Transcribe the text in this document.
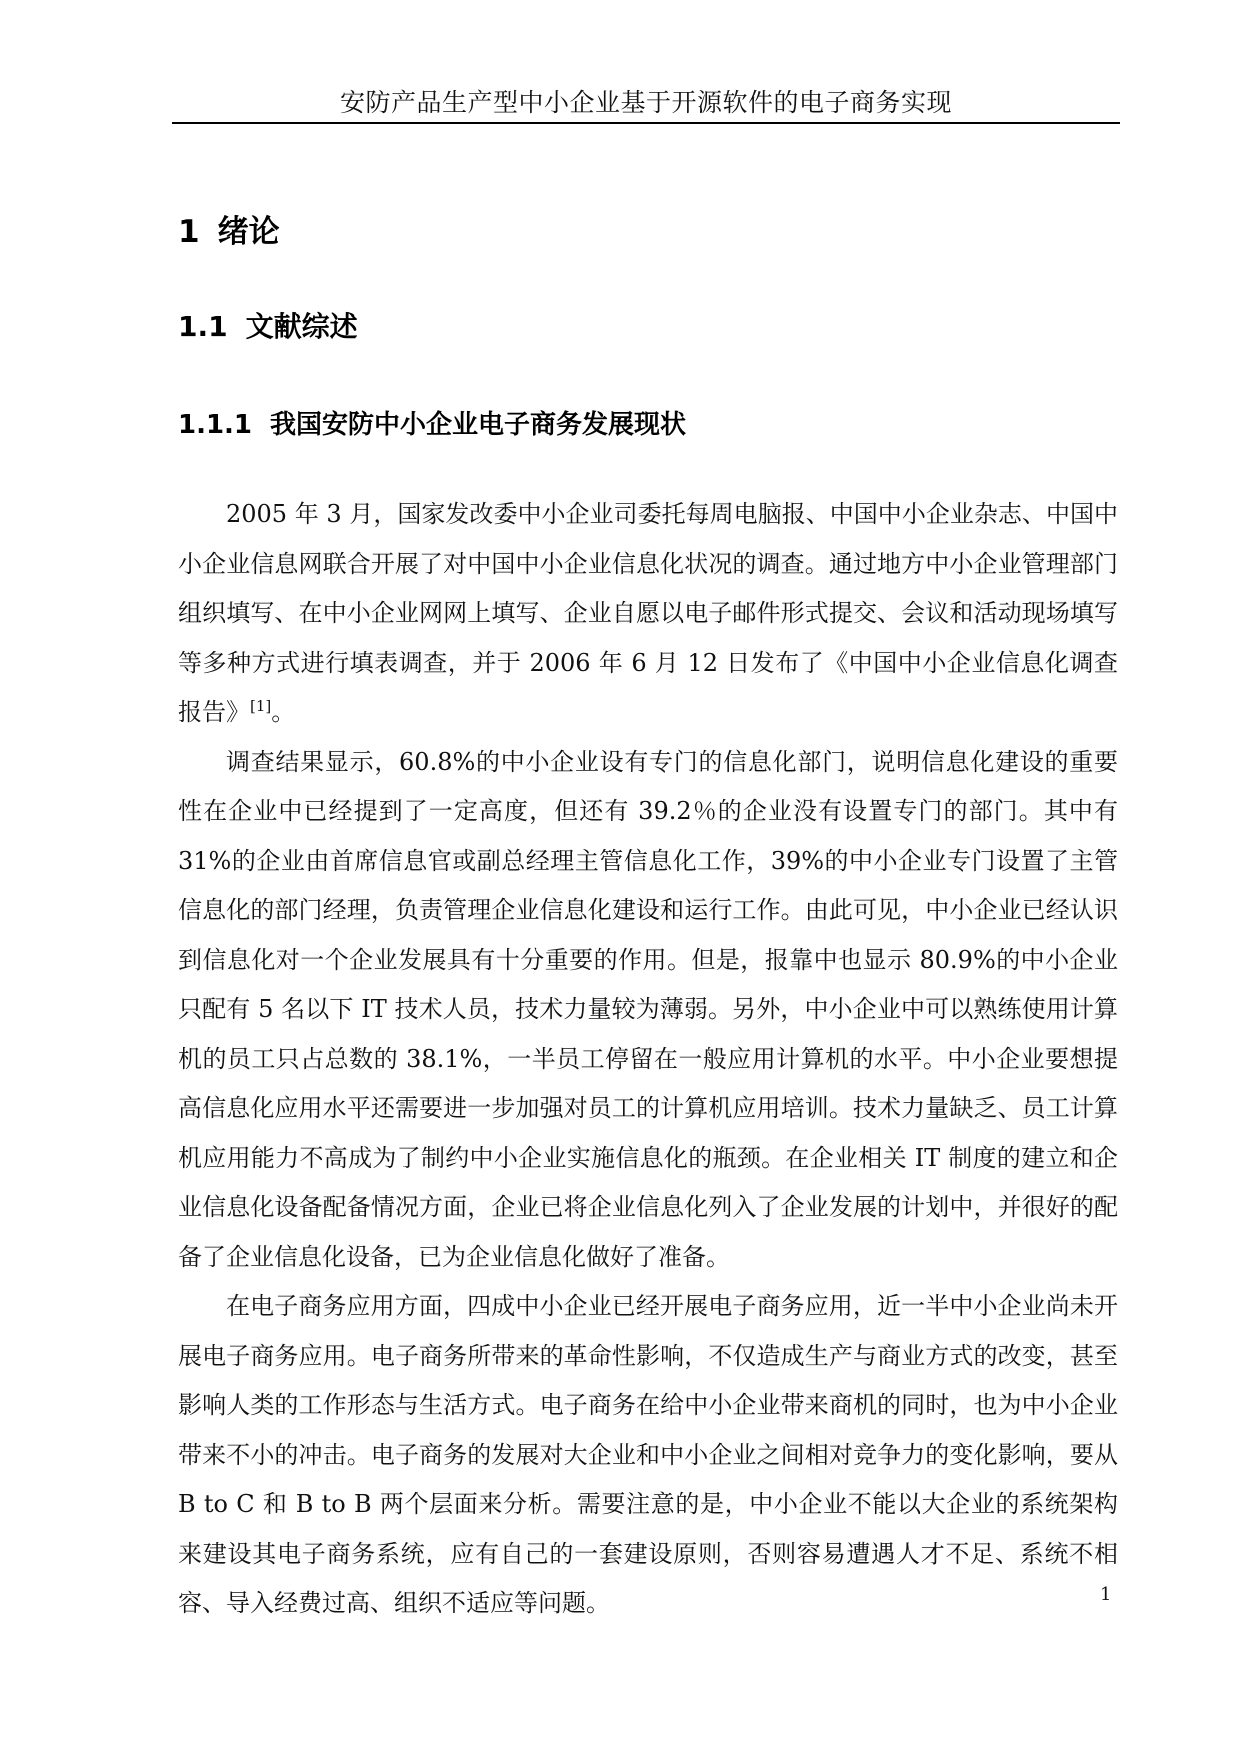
安防产品生产型中小企业基于开源软件的电子商务实现
1 绪论
1.1 文献综述
1.1.1 我国安防中小企业电子商务发展现状

2005 年 3 月，国家发改委中小企业司委托每周电脑报、中国中小企业杂志、中国中小企业信息网联合开展了对中国中小企业信息化状况的调查。通过地方中小企业管理部门组织填写、在中小企业网网上填写、企业自愿以电子邮件形式提交、会议和活动现场填写等多种方式进行填表调查，并于 2006 年 6 月 12 日发布了《中国中小企业信息化调查报告》[1]。

调查结果显示，60.8%的中小企业设有专门的信息化部门，说明信息化建设的重要性在企业中已经提到了一定高度，但还有 39.2％的企业没有设置专门的部门。其中有 31%的企业由首席信息官或副总经理主管信息化工作，39%的中小企业专门设置了主管信息化的部门经理，负责管理企业信息化建设和运行工作。由此可见，中小企业已经认识到信息化对一个企业发展具有十分重要的作用。但是，报靠中也显示 80.9%的中小企业只配有 5 名以下 IT 技术人员，技术力量较为薄弱。另外，中小企业中可以熟练使用计算机的员工只占总数的 38.1%，一半员工停留在一般应用计算机的水平。中小企业要想提高信息化应用水平还需要进一步加强对员工的计算机应用培训。技术力量缺乏、员工计算机应用能力不高成为了制约中小企业实施信息化的瓶颈。在企业相关 IT 制度的建立和企业信息化设备配备情况方面，企业已将企业信息化列入了企业发展的计划中，并很好的配备了企业信息化设备，已为企业信息化做好了准备。

在电子商务应用方面，四成中小企业已经开展电子商务应用，近一半中小企业尚未开展电子商务应用。电子商务所带来的革命性影响，不仅造成生产与商业方式的改变，甚至影响人类的工作形态与生活方式。电子商务在给中小企业带来商机的同时，也为中小企业带来不小的冲击。电子商务的发展对大企业和中小企业之间相对竞争力的变化影响，要从 B to C 和 B to B 两个层面来分析。需要注意的是，中小企业不能以大企业的系统架构来建设其电子商务系统，应有自己的一套建设原则，否则容易遭遇人才不足、系统不相容、导入经费过高、组织不适应等问题。	1
